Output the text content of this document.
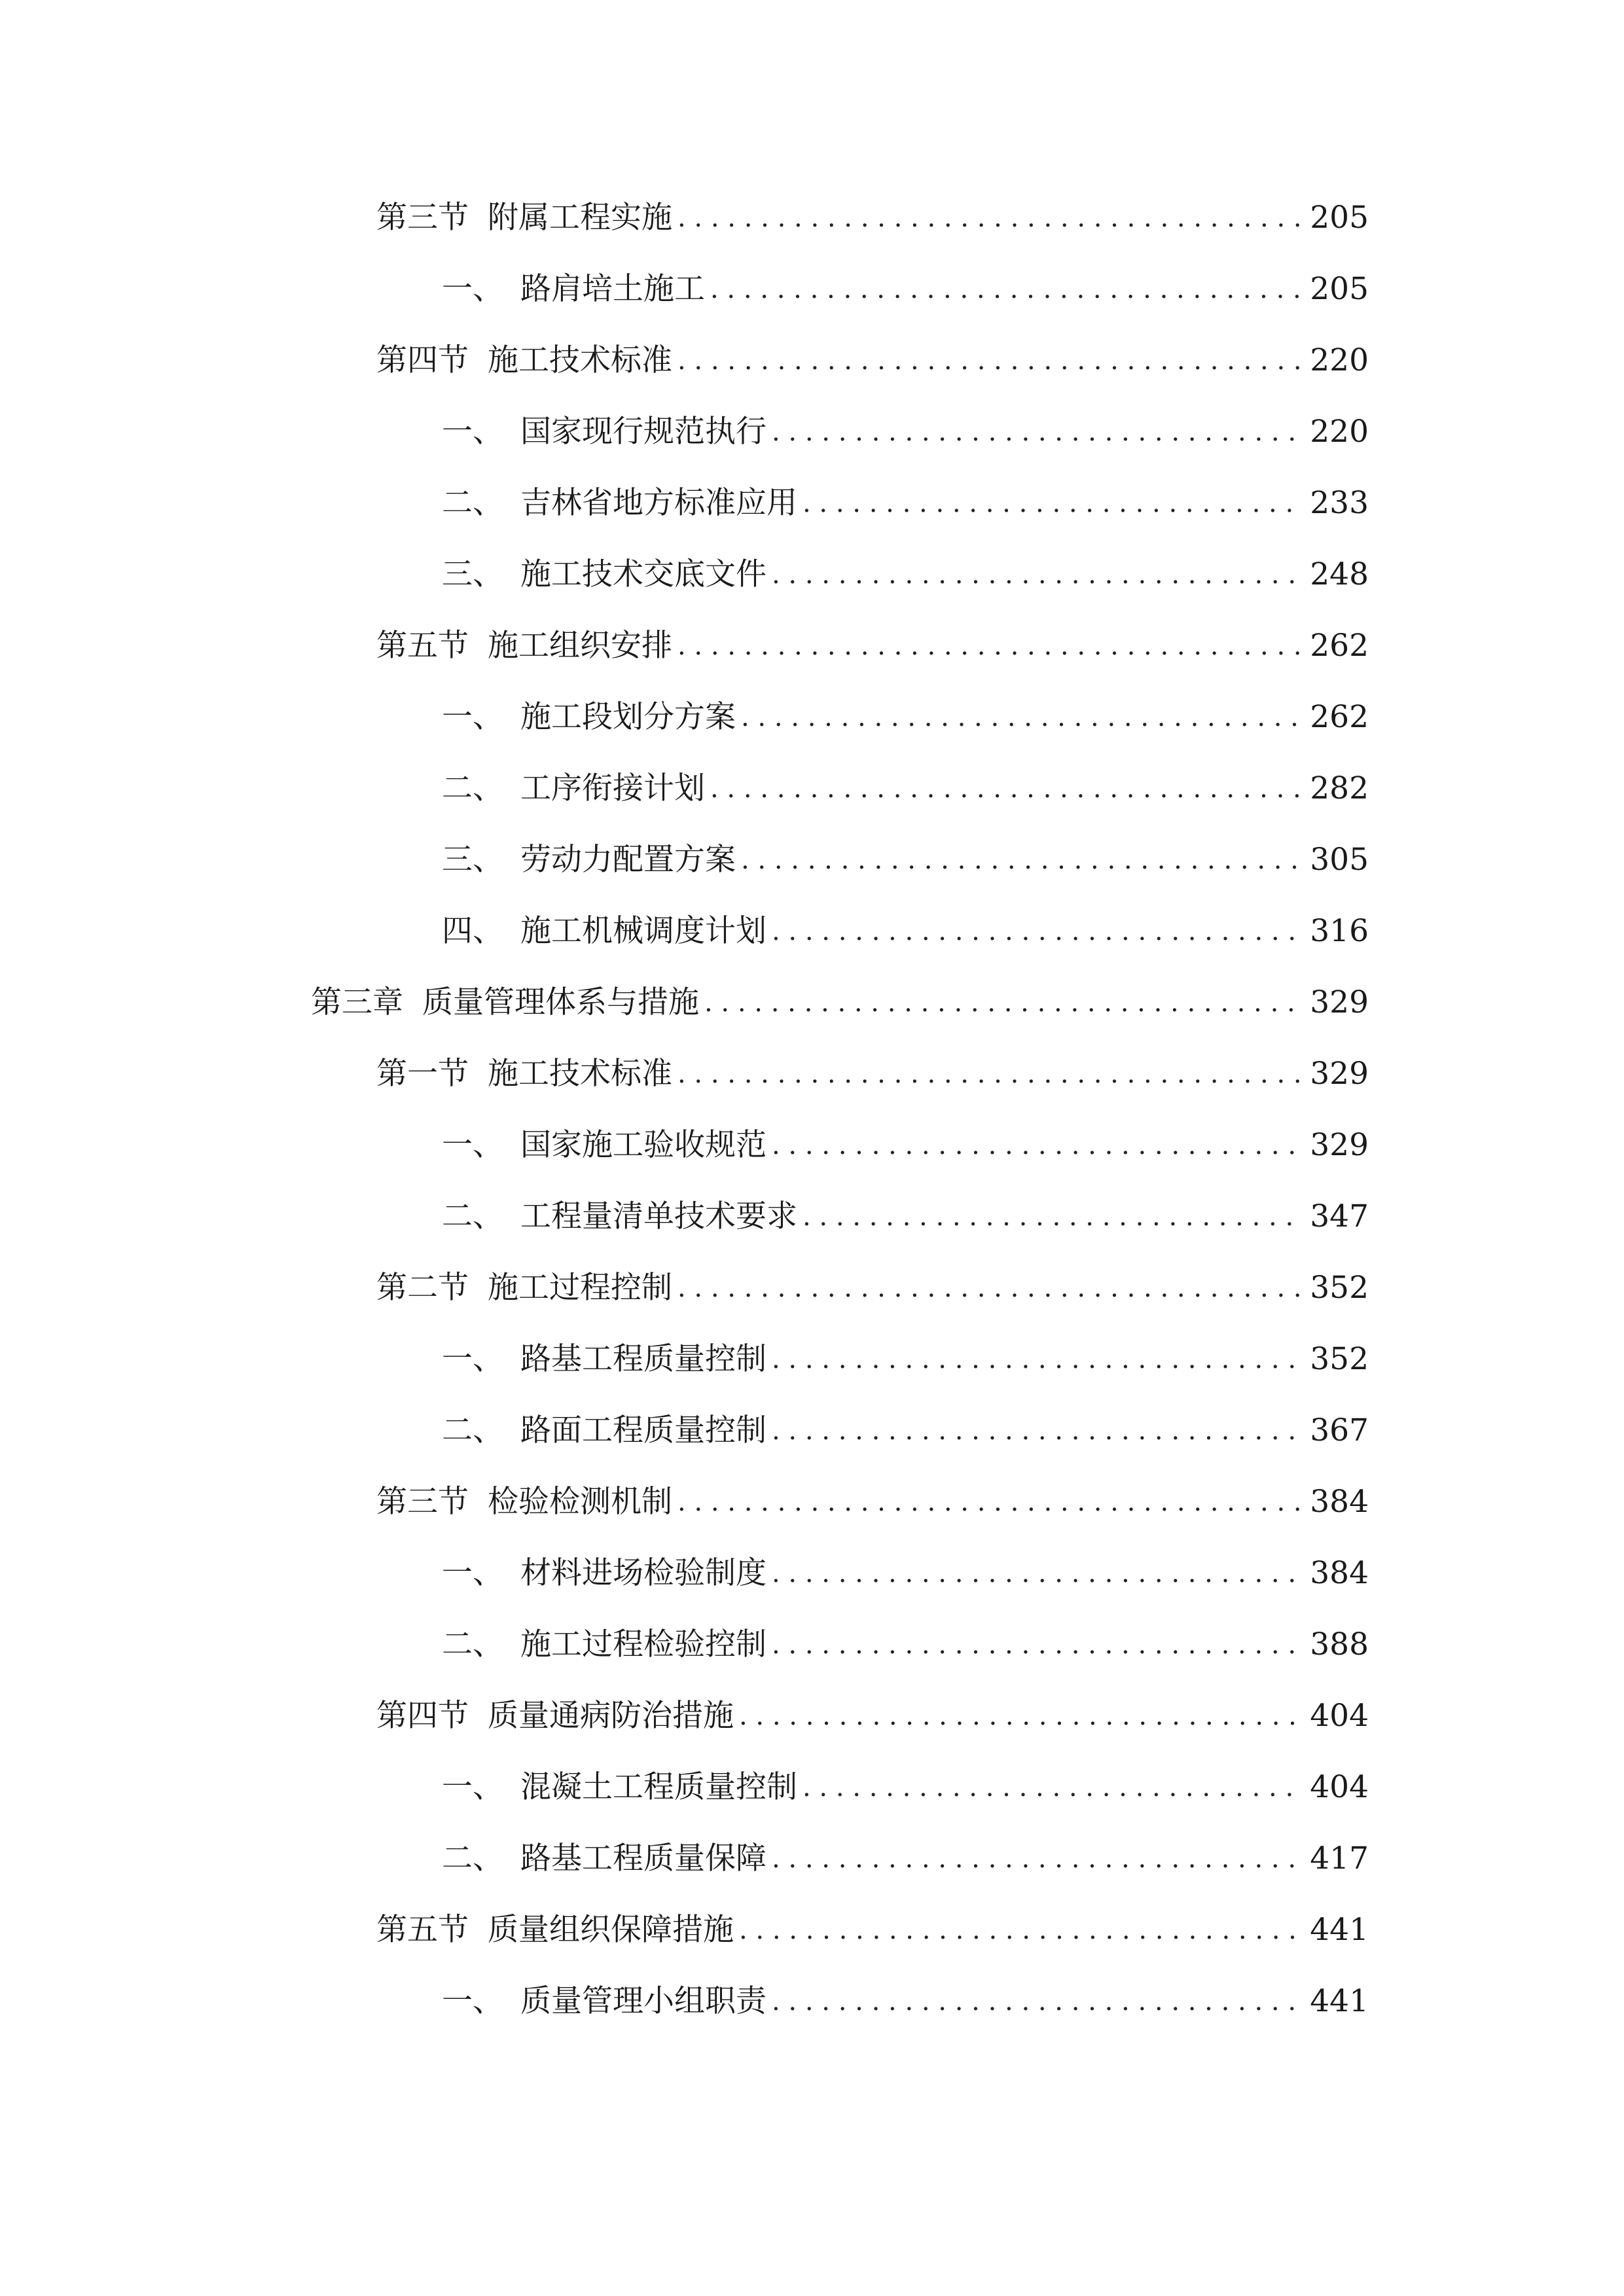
第三节 附属工程实施 . . .	205
一、 路肩培土施工 . . .	205
第四节 施工技术标准 . . .	220
一、 国家现行规范执行 . . .	220
二、 吉林省地方标准应用 . . .	233
三、 施工技术交底文件 . . .	248
第五节 施工组织安排 . . .	262
一、 施工段划分方案 . . .	262
二、 工序衔接计划 . . .	282
三、 劳动力配置方案 . . .	305
四、 施工机械调度计划 . . .	316
第三章 质量管理体系与措施 . . .	329
第一节 施工技术标准 . . .	329
一、 国家施工验收规范 . . .	329
二、 工程量清单技术要求 . . .	347
第二节 施工过程控制 . . .	352
一、 路基工程质量控制 . . .	352
二、 路面工程质量控制 . . .	367
第三节 检验检测机制 . . .	384
一、 材料进场检验制度 . . .	384
二、 施工过程检验控制 . . .	388
第四节 质量通病防治措施 . . .	404
一、 混凝土工程质量控制 . . .	404
二、 路基工程质量保障 . . .	417
第五节 质量组织保障措施 . . .	441
一、 质量管理小组职责 . . .	441
